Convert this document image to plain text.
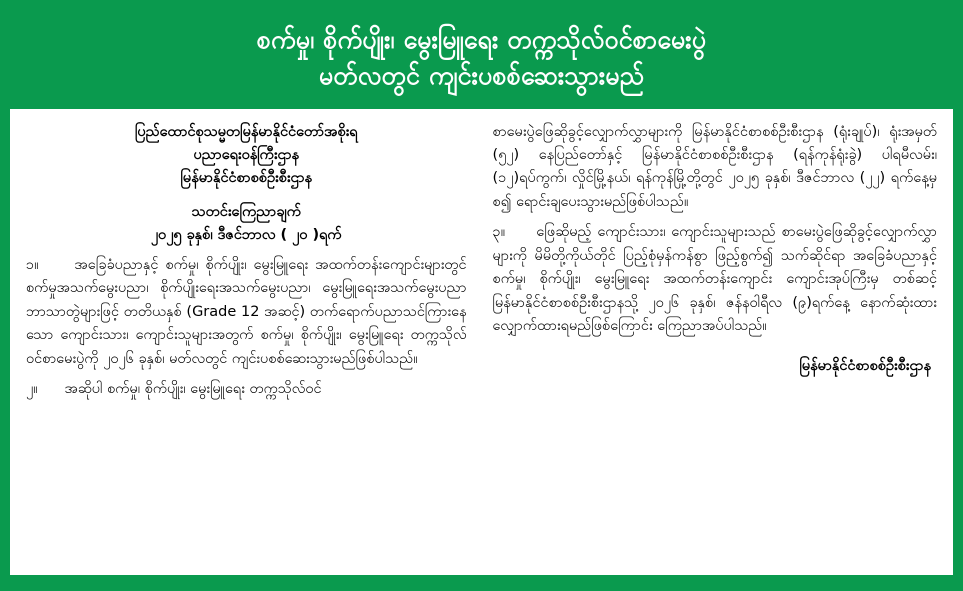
စက်မှု၊ စိုက်ပျိုး၊ မွေးမြူရေး တက္ကသိုလ်ဝင်စာမေးပွဲ
မတ်လတွင် ကျင်းပစစ်ဆေးသွားမည်
ပြည်ထောင်စုသမ္မတမြန်မာနိုင်ငံတော်အစိုးရ
ပညာရေးဝန်ကြီးဌာန
မြန်မာနိုင်ငံစာစစ်ဦးစီးဌာန
သတင်းကြေညာချက်
၂၀၂၅ ခုနှစ်၊ ဒီဇင်ဘာလ ( ၂၀ )ရက်

၁။ အခြေခံပညာနှင့် စက်မှု၊ စိုက်ပျိုး၊ မွေးမြူရေး အထက်တန်းကျောင်းများတွင် စက်မှုအသက်မွေးပညာ၊ စိုက်ပျိုးရေးအသက်မွေးပညာ၊ မွေးမြူရေးအသက်မွေးပညာ ဘာသာတွဲများဖြင့် တတိယနှစ် (Grade 12 အဆင့်) တက်ရောက်ပညာသင်ကြားနေသော ကျောင်းသား၊ ကျောင်းသူများအတွက် စက်မှု၊ စိုက်ပျိုး၊ မွေးမြူရေး တက္ကသိုလ်ဝင်စာမေးပွဲကို ၂၀၂၆ ခုနှစ်၊ မတ်လတွင် ကျင်းပစစ်ဆေးသွားမည်ဖြစ်ပါသည်။

၂။ အဆိုပါ စက်မှု၊ စိုက်ပျိုး၊ မွေးမြူရေး တက္ကသိုလ်ဝင်

စာမေးပွဲဖြေဆိုခွင့်လျှောက်လွှာများကို မြန်မာနိုင်ငံစာစစ်ဦးစီးဌာန (ရုံးချုပ်)၊ ရုံးအမှတ် (၅၂) နေပြည်တော်နှင့် မြန်မာနိုင်ငံစာစစ်ဦးစီးဌာန (ရန်ကုန်ရုံးခွဲ) ပါရမီလမ်း၊ (၁၂)ရပ်ကွက်၊ လှိုင်မြို့နယ်၊ ရန်ကုန်မြို့တို့တွင် ၂၀၂၅ ခုနှစ်၊ ဒီဇင်ဘာလ (၂၂) ရက်နေ့မှစ၍ ရောင်းချပေးသွားမည်ဖြစ်ပါသည်။

၃။ ဖြေဆိုမည့် ကျောင်းသား၊ ကျောင်းသူများသည် စာမေးပွဲဖြေဆိုခွင့်လျှောက်လွှာများကို မိမိတို့ကိုယ်တိုင် ပြည့်စုံမှန်ကန်စွာ ဖြည့်စွက်၍ သက်ဆိုင်ရာ အခြေခံပညာနှင့် စက်မှု၊ စိုက်ပျိုး၊ မွေးမြူရေး အထက်တန်းကျောင်း ကျောင်းအုပ်ကြီးမှ တစ်ဆင့် မြန်မာနိုင်ငံစာစစ်ဦးစီးဌာနသို့ ၂၀၂၆ ခုနှစ်၊ ဇန်နဝါရီလ (၉)ရက်နေ့ နောက်ဆုံးထားလျှောက်ထားရမည်ဖြစ်ကြောင်း ကြေညာအပ်ပါသည်။

မြန်မာနိုင်ငံစာစစ်ဦးစီးဌာန
